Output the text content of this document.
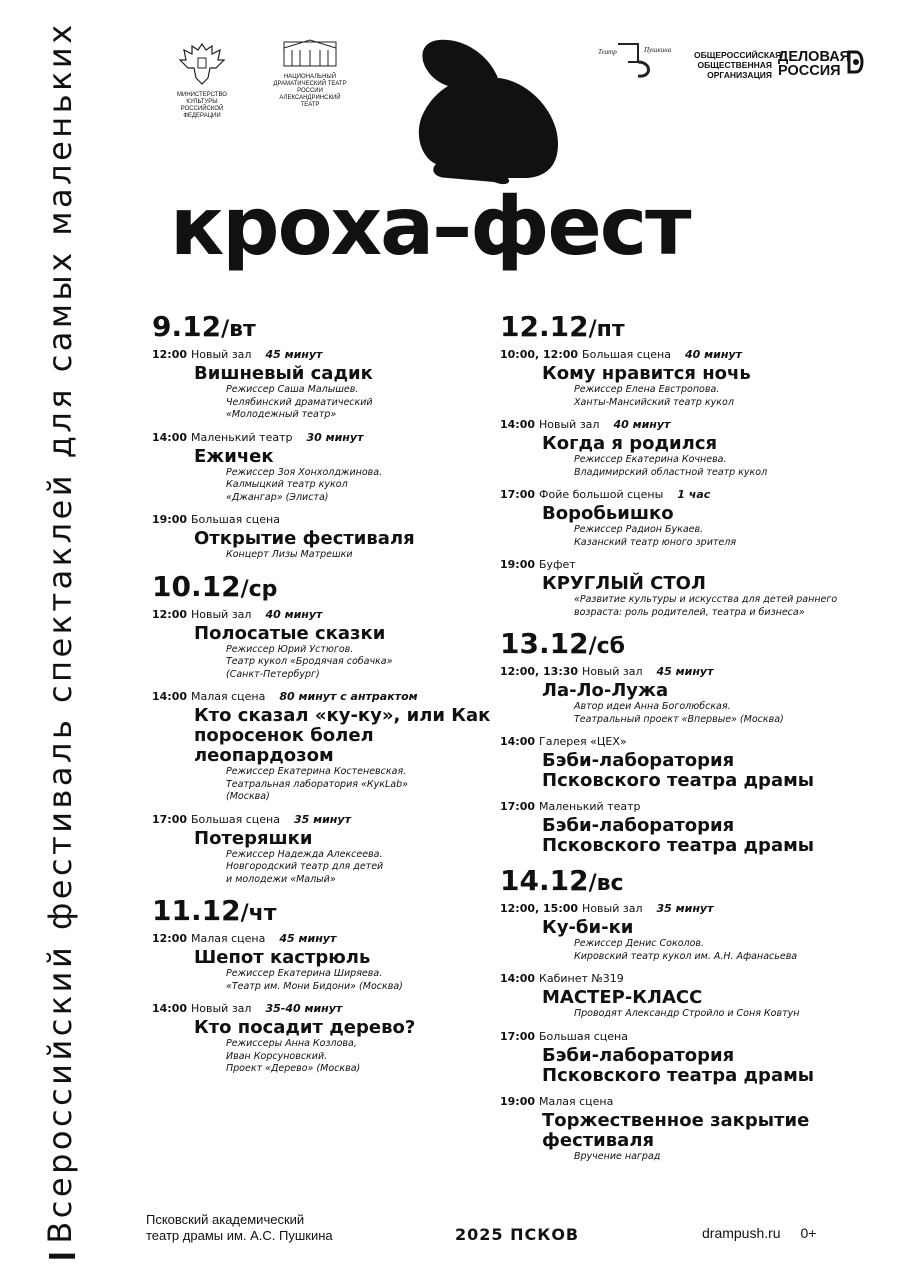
Всероссийский фестиваль спектаклей для самых маленьких	МИНИСТЕРСТВО КУЛЬТУРЫ РОССИЙСКОЙ ФЕДЕРАЦИИ
НАЦИОНАЛЬНЫЙ ДРАМАТИЧЕСКИЙ ТЕАТР РОССИИ АЛЕКСАНДРИНСКИЙ ТЕАТР
Театр	Пушкина	ОБЩЕРОССИЙСКАЯ ОБЩЕСТВЕННАЯ ОРГАНИЗАЦИЯ
ДЕЛОВАЯ РОССИЯ
кроха–фест
9.12/вт
12:00 Новый зал 45 минут
Вишневый садик
Режиссер Саша Малышев.
Челябинский драматический
«Молодежный театр»
14:00 Маленький театр 30 минут
Ежичек
Режиссер Зоя Хонхолджинова.
Калмыцкий театр кукол
«Джангар» (Элиста)
19:00 Большая сцена
Открытие фестиваля
Концерт Лизы Матрешки
10.12/ср
12:00 Новый зал 40 минут
Полосатые сказки
Режиссер Юрий Устюгов.
Театр кукол «Бродячая собачка»
(Санкт-Петербург)
14:00 Малая сцена 80 минут с антрактом
Кто сказал «ку-ку», или Как поросенок болел леопардозом
Режиссер Екатерина Костеневская.
Театральная лаборатория «КукLab»
(Москва)
17:00 Большая сцена 35 минут
Потеряшки
Режиссер Надежда Алексеева.
Новгородский театр для детей
и молодежи «Малый»
11.12/чт
12:00 Малая сцена 45 минут
Шепот кастрюль
Режиссер Екатерина Ширяева.
«Театр им. Мони Бидони» (Москва)
14:00 Новый зал 35-40 минут
Кто посадит дерево?
Режиссеры Анна Козлова,
Иван Корсуновский.
Проект «Дерево» (Москва)
12.12/пт
10:00, 12:00 Большая сцена 40 минут
Кому нравится ночь
Режиссер Елена Евстропова.
Ханты-Мансийский театр кукол
14:00 Новый зал 40 минут
Когда я родился
Режиссер Екатерина Кочнева.
Владимирский областной театр кукол
17:00 Фойе большой сцены 1 час
Воробьишко
Режиссер Радион Букаев.
Казанский театр юного зрителя
19:00 Буфет
КРУГЛЫЙ СТОЛ
«Развитие культуры и искусства для детей раннего
возраста: роль родителей, театра и бизнеса»
13.12/сб
12:00, 13:30 Новый зал 45 минут
Ла-Ло-Лужа
Автор идеи Анна Боголюбская.
Театральный проект «Впервые» (Москва)
14:00 Галерея «ЦЕХ»
Бэби-лаборатория Псковского театра драмы
17:00 Маленький театр
Бэби-лаборатория Псковского театра драмы
14.12/вс
12:00, 15:00 Новый зал 35 минут
Ку-би-ки
Режиссер Денис Соколов.
Кировский театр кукол им. А.Н. Афанасьева
14:00 Кабинет №319
МАСТЕР-КЛАСС
Проводят Александр Стройло и Соня Ковтун
17:00 Большая сцена
Бэби-лаборатория Псковского театра драмы
19:00 Малая сцена
Торжественное закрытие фестиваля
Вручение наград
Псковский академический
театр драмы им. А.С. Пушкина	2025 ПСКОВ	drampush.ru 0+
